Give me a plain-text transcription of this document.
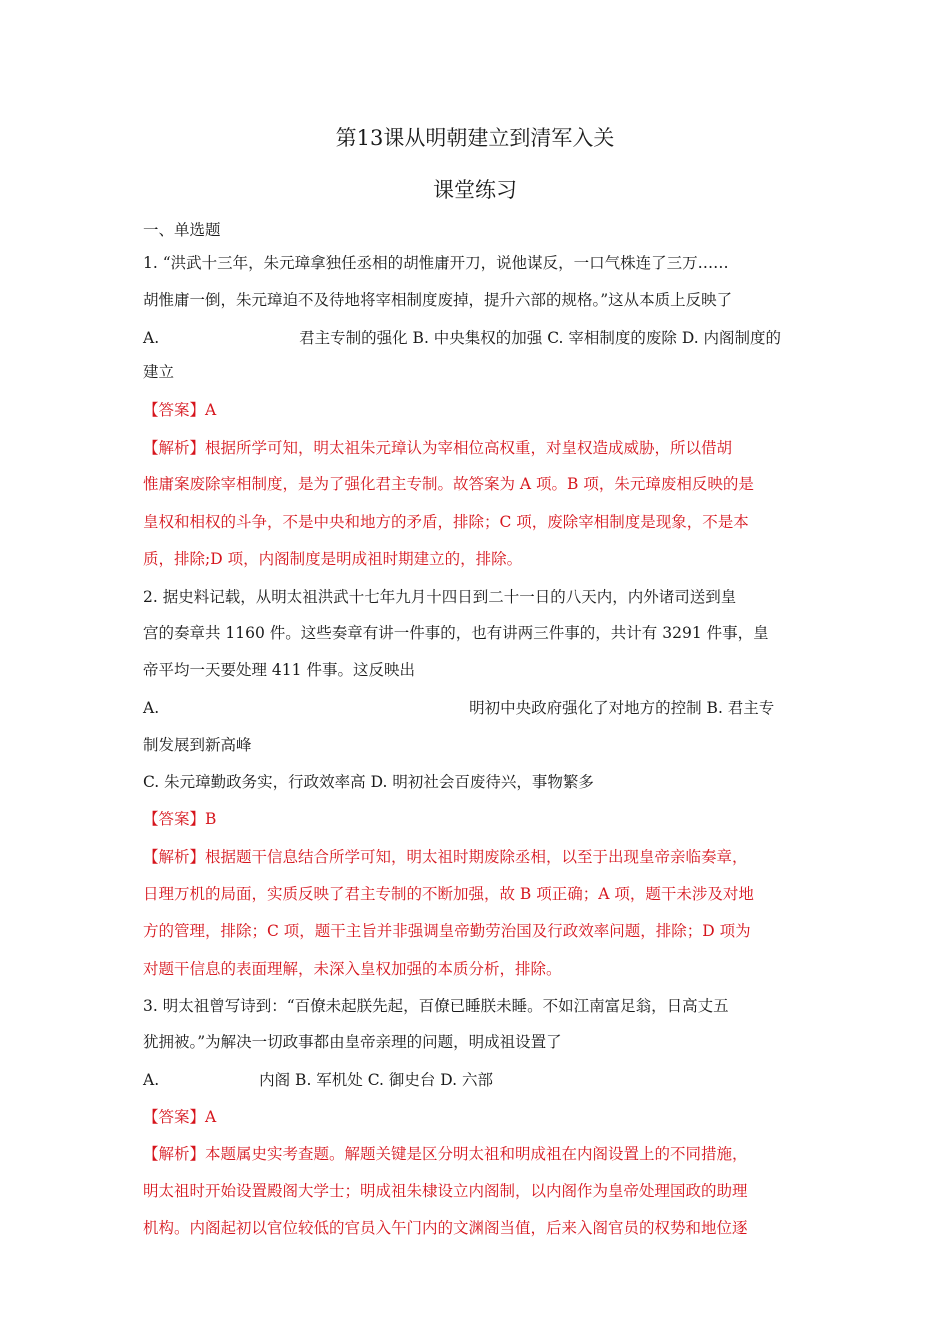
第13课从明朝建立到清军入关
课堂练习
一、单选题
1. “洪武十三年，朱元璋拿独任丞相的胡惟庸开刀，说他谋反，一口气株连了三万……
胡惟庸一倒，朱元璋迫不及待地将宰相制度废掉，提升六部的规格。”这从本质上反映了
A.	君主专制的强化 B. 中央集权的加强 C. 宰相制度的废除 D. 内阁制度的
建立
【答案】A
【解析】根据所学可知，明太祖朱元璋认为宰相位高权重，对皇权造成威胁，所以借胡
惟庸案废除宰相制度，是为了强化君主专制。故答案为 A 项。B 项，朱元璋废相反映的是
皇权和相权的斗争，不是中央和地方的矛盾，排除；C 项，废除宰相制度是现象，不是本
质，排除;D 项，内阁制度是明成祖时期建立的，排除。
2. 据史料记载，从明太祖洪武十七年九月十四日到二十一日的八天内，内外诸司送到皇
宫的奏章共 1160 件。这些奏章有讲一件事的，也有讲两三件事的，共计有 3291 件事，皇
帝平均一天要处理 411 件事。这反映出
A.	明初中央政府强化了对地方的控制 B. 君主专
制发展到新高峰
C. 朱元璋勤政务实，行政效率高 D. 明初社会百废待兴，事物繁多
【答案】B
【解析】根据题干信息结合所学可知，明太祖时期废除丞相，以至于出现皇帝亲临奏章，
日理万机的局面，实质反映了君主专制的不断加强，故 B 项正确；A 项，题干未涉及对地
方的管理，排除；C 项，题干主旨并非强调皇帝勤劳治国及行政效率问题，排除；D 项为
对题干信息的表面理解，未深入皇权加强的本质分析，排除。
3. 明太祖曾写诗到：“百僚未起朕先起，百僚已睡朕未睡。不如江南富足翁，日高丈五
犹拥被。”为解决一切政事都由皇帝亲理的问题，明成祖设置了
A.	内阁 B. 军机处 C. 御史台 D. 六部
【答案】A
【解析】本题属史实考查题。解题关键是区分明太祖和明成祖在内阁设置上的不同措施，
明太祖时开始设置殿阁大学士；明成祖朱棣设立内阁制，以内阁作为皇帝处理国政的助理
机构。内阁起初以官位较低的官员入午门内的文渊阁当值，后来入阁官员的权势和地位逐
